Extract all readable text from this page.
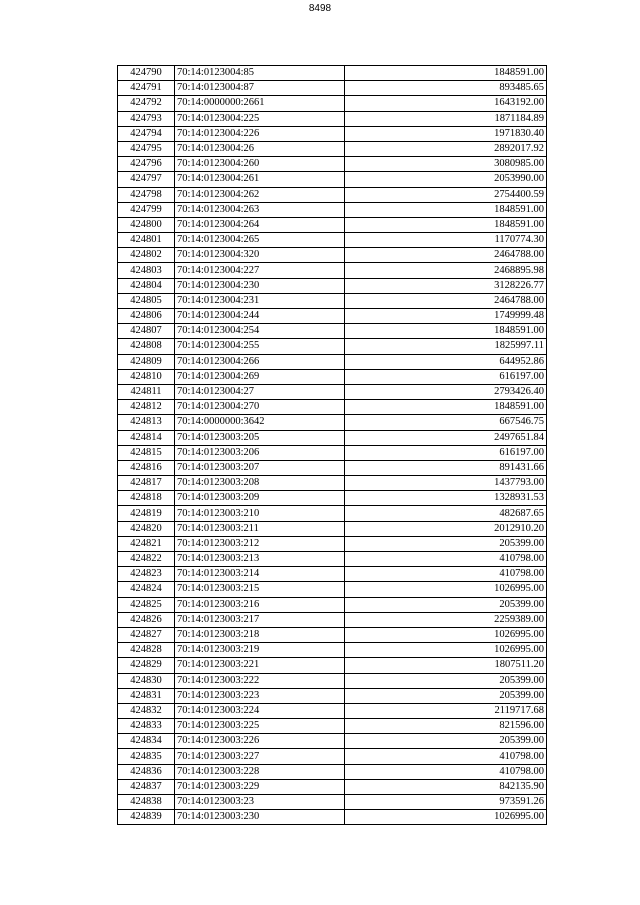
8498
424790	70:14:0123004:85	1848591.00
424791	70:14:0123004:87	893485.65
424792	70:14:0000000:2661	1643192.00
424793	70:14:0123004:225	1871184.89
424794	70:14:0123004:226	1971830.40
424795	70:14:0123004:26	2892017.92
424796	70:14:0123004:260	3080985.00
424797	70:14:0123004:261	2053990.00
424798	70:14:0123004:262	2754400.59
424799	70:14:0123004:263	1848591.00
424800	70:14:0123004:264	1848591.00
424801	70:14:0123004:265	1170774.30
424802	70:14:0123004:320	2464788.00
424803	70:14:0123004:227	2468895.98
424804	70:14:0123004:230	3128226.77
424805	70:14:0123004:231	2464788.00
424806	70:14:0123004:244	1749999.48
424807	70:14:0123004:254	1848591.00
424808	70:14:0123004:255	1825997.11
424809	70:14:0123004:266	644952.86
424810	70:14:0123004:269	616197.00
424811	70:14:0123004:27	2793426.40
424812	70:14:0123004:270	1848591.00
424813	70:14:0000000:3642	667546.75
424814	70:14:0123003:205	2497651.84
424815	70:14:0123003:206	616197.00
424816	70:14:0123003:207	891431.66
424817	70:14:0123003:208	1437793.00
424818	70:14:0123003:209	1328931.53
424819	70:14:0123003:210	482687.65
424820	70:14:0123003:211	2012910.20
424821	70:14:0123003:212	205399.00
424822	70:14:0123003:213	410798.00
424823	70:14:0123003:214	410798.00
424824	70:14:0123003:215	1026995.00
424825	70:14:0123003:216	205399.00
424826	70:14:0123003:217	2259389.00
424827	70:14:0123003:218	1026995.00
424828	70:14:0123003:219	1026995.00
424829	70:14:0123003:221	1807511.20
424830	70:14:0123003:222	205399.00
424831	70:14:0123003:223	205399.00
424832	70:14:0123003:224	2119717.68
424833	70:14:0123003:225	821596.00
424834	70:14:0123003:226	205399.00
424835	70:14:0123003:227	410798.00
424836	70:14:0123003:228	410798.00
424837	70:14:0123003:229	842135.90
424838	70:14:0123003:23	973591.26
424839	70:14:0123003:230	1026995.00
